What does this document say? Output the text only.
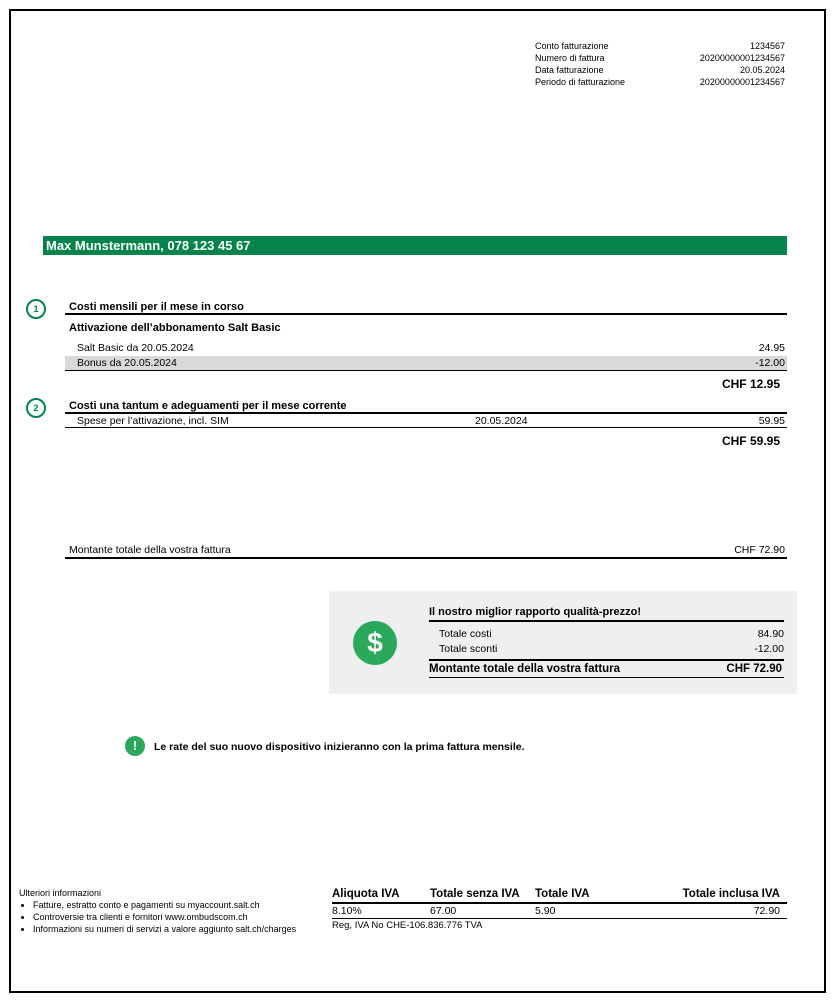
Conto fatturazione	1234567
Numero di fattura	20200000001234567
Data fatturazione	20.05.2024
Periodo di fatturazione	20200000001234567
Max Munstermann, 078 123 45 67
1	Costi mensili per il mese in corso
Attivazione dell’abbonamento Salt Basic
Salt Basic da 20.05.2024	24.95
Bonus da 20.05.2024	-12.00
CHF 12.95
2	Costi una tantum e adeguamenti per il mese corrente
Spese per l’attivazione, incl. SIM	20.05.2024	59.95
CHF 59.95
Montante totale della vostra fattura	CHF 72.90
$
Il nostro miglior rapporto qualità-prezzo!
Totale costi	84.90
Totale sconti	-12.00
Montante totale della vostra fattura	CHF 72.90
!	Le rate del suo nuovo dispositivo inizieranno con la prima fattura mensile.
Ulteriori informazioni
• Fatture, estratto conto e pagamenti su myaccount.salt.ch
• Controversie tra clienti e fornitori www.ombudscom.ch
• Informazioni su numeri di servizi a valore aggiunto salt.ch/charges
Aliquota IVA	Totale senza IVA	Totale IVA	Totale inclusa IVA
8.10%	67.00	5.90	72.90
Reg, IVA No CHE-106.836.776 TVA
